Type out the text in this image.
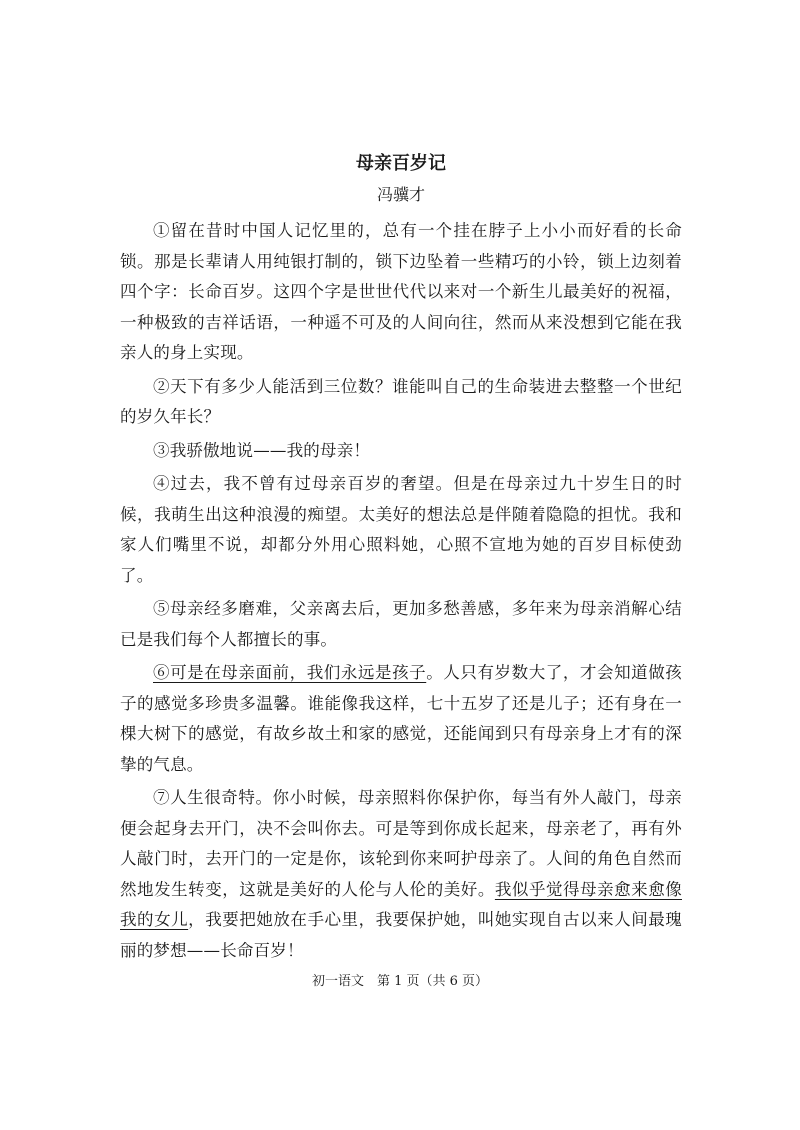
母亲百岁记
冯骥才

①留在昔时中国人记忆里的，总有一个挂在脖子上小小而好看的长命锁。那是长辈请人用纯银打制的，锁下边坠着一些精巧的小铃，锁上边刻着四个字：长命百岁。这四个字是世世代代以来对一个新生儿最美好的祝福，一种极致的吉祥话语，一种遥不可及的人间向往，然而从来没想到它能在我亲人的身上实现。

②天下有多少人能活到三位数？谁能叫自己的生命装进去整整一个世纪的岁久年长？

③我骄傲地说——我的母亲！

④过去，我不曾有过母亲百岁的奢望。但是在母亲过九十岁生日的时候，我萌生出这种浪漫的痴望。太美好的想法总是伴随着隐隐的担忧。我和家人们嘴里不说，却都分外用心照料她，心照不宣地为她的百岁目标使劲了。

⑤母亲经多磨难，父亲离去后，更加多愁善感，多年来为母亲消解心结已是我们每个人都擅长的事。

⑥可是在母亲面前，我们永远是孩子。人只有岁数大了，才会知道做孩子的感觉多珍贵多温馨。谁能像我这样，七十五岁了还是儿子；还有身在一棵大树下的感觉，有故乡故土和家的感觉，还能闻到只有母亲身上才有的深挚的气息。

⑦人生很奇特。你小时候，母亲照料你保护你，每当有外人敲门，母亲便会起身去开门，决不会叫你去。可是等到你成长起来，母亲老了，再有外人敲门时，去开门的一定是你，该轮到你来呵护母亲了。人间的角色自然而然地发生转变，这就是美好的人伦与人伦的美好。我似乎觉得母亲愈来愈像我的女儿，我要把她放在手心里，我要保护她，叫她实现自古以来人间最瑰丽的梦想——长命百岁！

初一语文　第 1 页（共 6 页）
